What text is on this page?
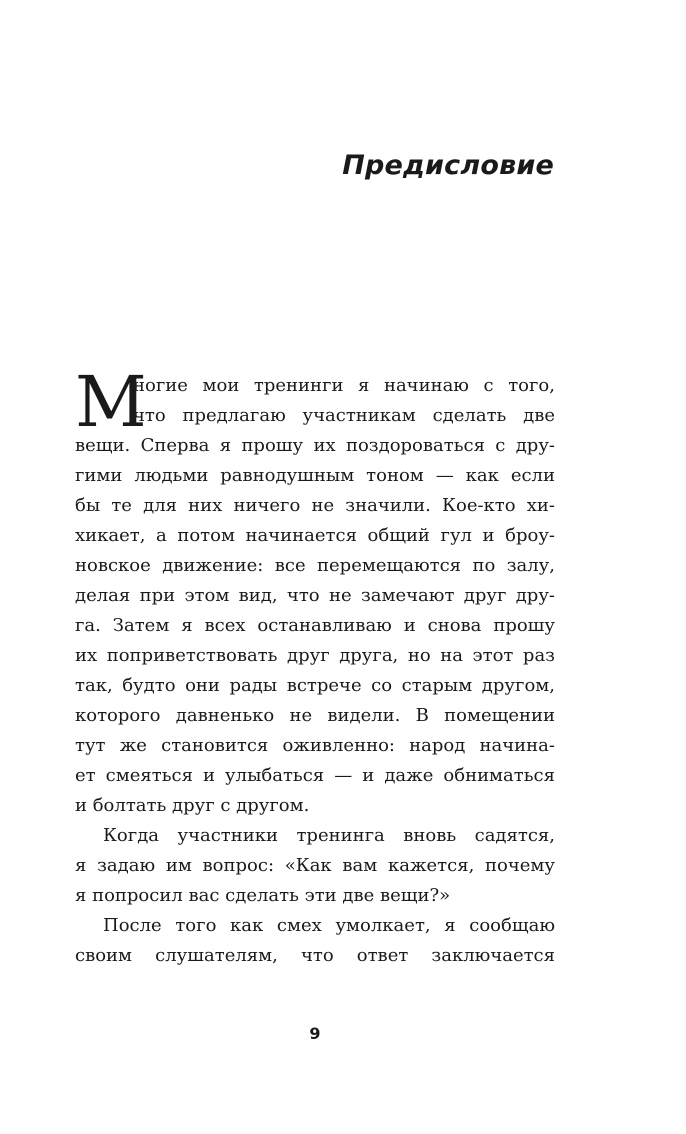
Предисловие
М
ногие мои тренинги я начинаю с того,
что предлагаю участникам сделать две
вещи. Сперва я прошу их поздороваться с дру-
гими людьми равнодушным тоном — как если
бы те для них ничего не значили. Кое-кто хи-
хикает, а потом начинается общий гул и броу-
новское движение: все перемещаются по залу,
делая при этом вид, что не замечают друг дру-
га. Затем я всех останавливаю и снова прошу
их поприветствовать друг друга, но на этот раз
так, будто они рады встрече со старым другом,
которого давненько не видели. В помещении
тут же становится оживленно: народ начина-
ет смеяться и улыбаться — и даже обниматься
и болтать друг с другом.
Когда участники тренинга вновь садятся,
я задаю им вопрос: «Как вам кажется, почему
я попросил вас сделать эти две вещи?»
После того как смех умолкает, я сообщаю
своим слушателям, что ответ заключается
9
